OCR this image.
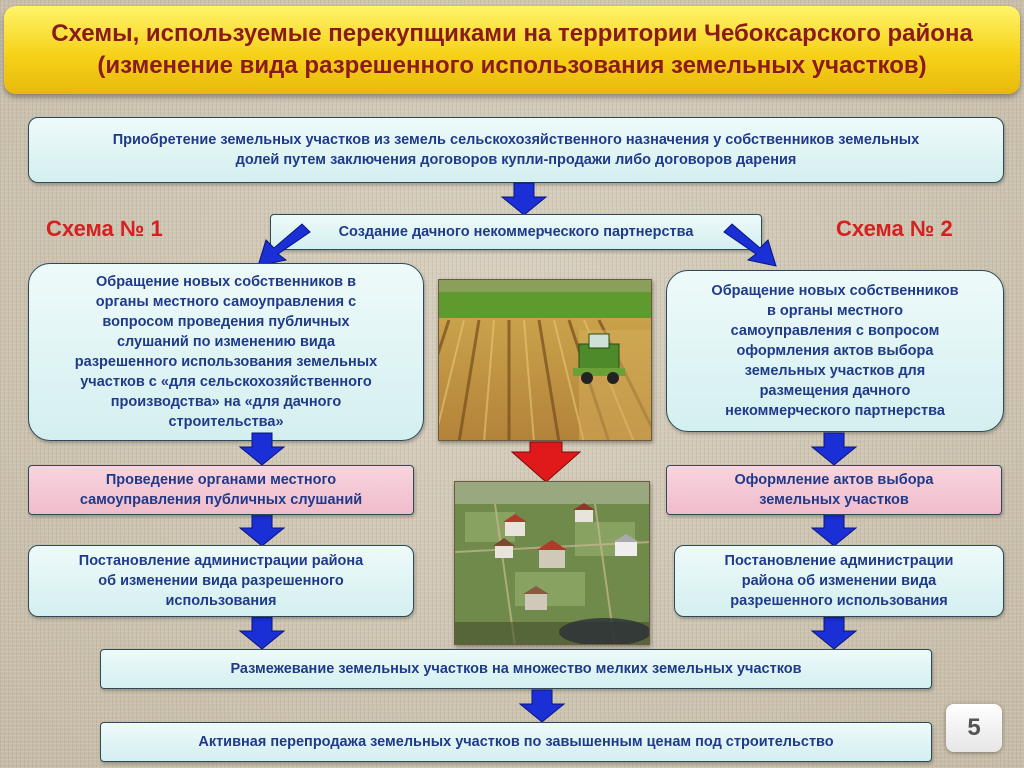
Схемы, используемые перекупщиками на территории Чебоксарского района
(изменение вида разрешенного использования земельных участков)
Приобретение земельных участков из земель сельскохозяйственного назначения у собственников земельных
долей путем заключения договоров купли-продажи либо договоров дарения
Создание дачного некоммерческого партнерства
Схема № 1	Схема № 2
Обращение новых собственников в
органы местного самоуправления с
вопросом проведения публичных
слушаний по изменению вида
разрешенного использования земельных
участков с «для сельскохозяйственного
производства» на «для дачного
строительства»
Обращение новых собственников
в органы местного
самоуправления с вопросом
оформления актов выбора
земельных участков для
размещения дачного
некоммерческого партнерства
Проведение органами местного
самоуправления публичных слушаний
Оформление актов выбора
земельных участков
Постановление администрации района
об изменении вида разрешенного
использования
Постановление администрации
района об изменении вида
разрешенного использования
Размежевание земельных участков на множество мелких земельных участков
Активная перепродажа земельных участков по завышенным ценам под строительство
5
